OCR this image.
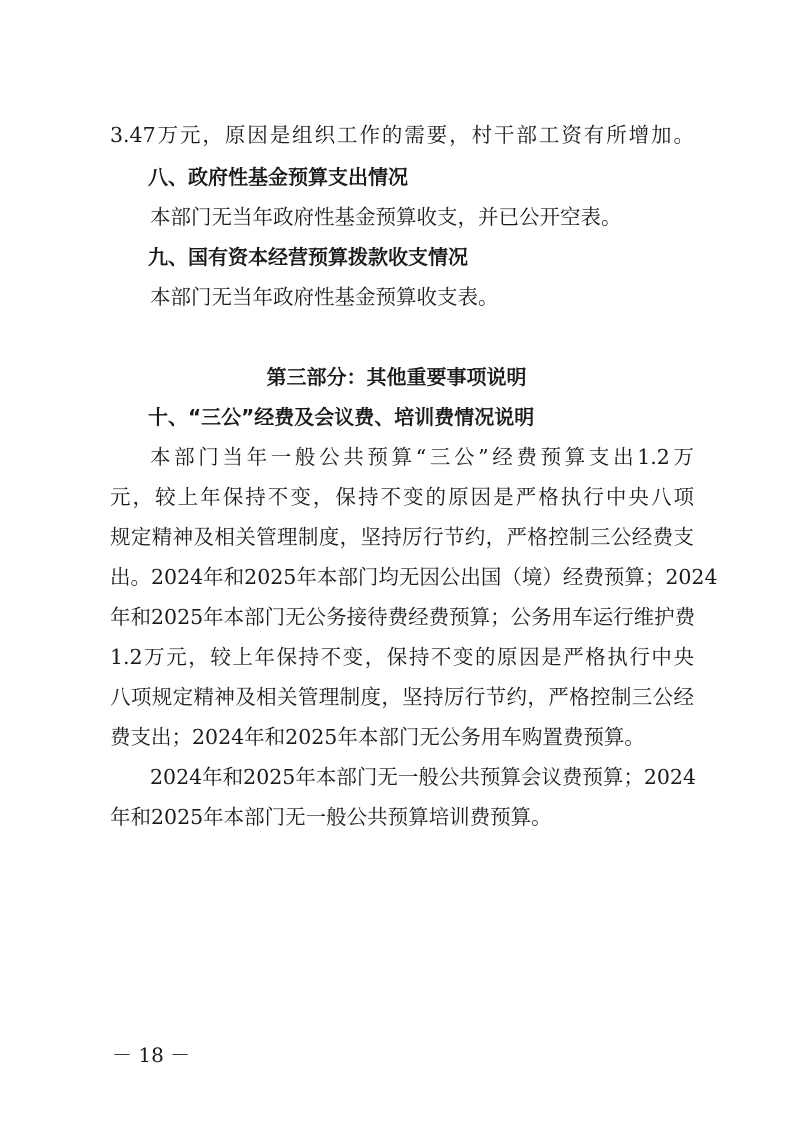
3.47万元，原因是组织工作的需要，村干部工资有所增加。
八、政府性基金预算支出情况
本部门无当年政府性基金预算收支，并已公开空表。
九、国有资本经营预算拨款收支情况
本部门无当年政府性基金预算收支表。
第三部分：其他重要事项说明
十、“三公”经费及会议费、培训费情况说明
本部门当年一般公共预算“三公”经费预算支出1.2万
元，较上年保持不变，保持不变的原因是严格执行中央八项
规定精神及相关管理制度，坚持厉行节约，严格控制三公经费支
出。2024年和2025年本部门均无因公出国（境）经费预算；2024
年和2025年本部门无公务接待费经费预算；公务用车运行维护费
1.2万元，较上年保持不变，保持不变的原因是严格执行中央
八项规定精神及相关管理制度，坚持厉行节约，严格控制三公经
费支出；2024年和2025年本部门无公务用车购置费预算。
2024年和2025年本部门无一般公共预算会议费预算；2024
年和2025年本部门无一般公共预算培训费预算。
－ 18 －
